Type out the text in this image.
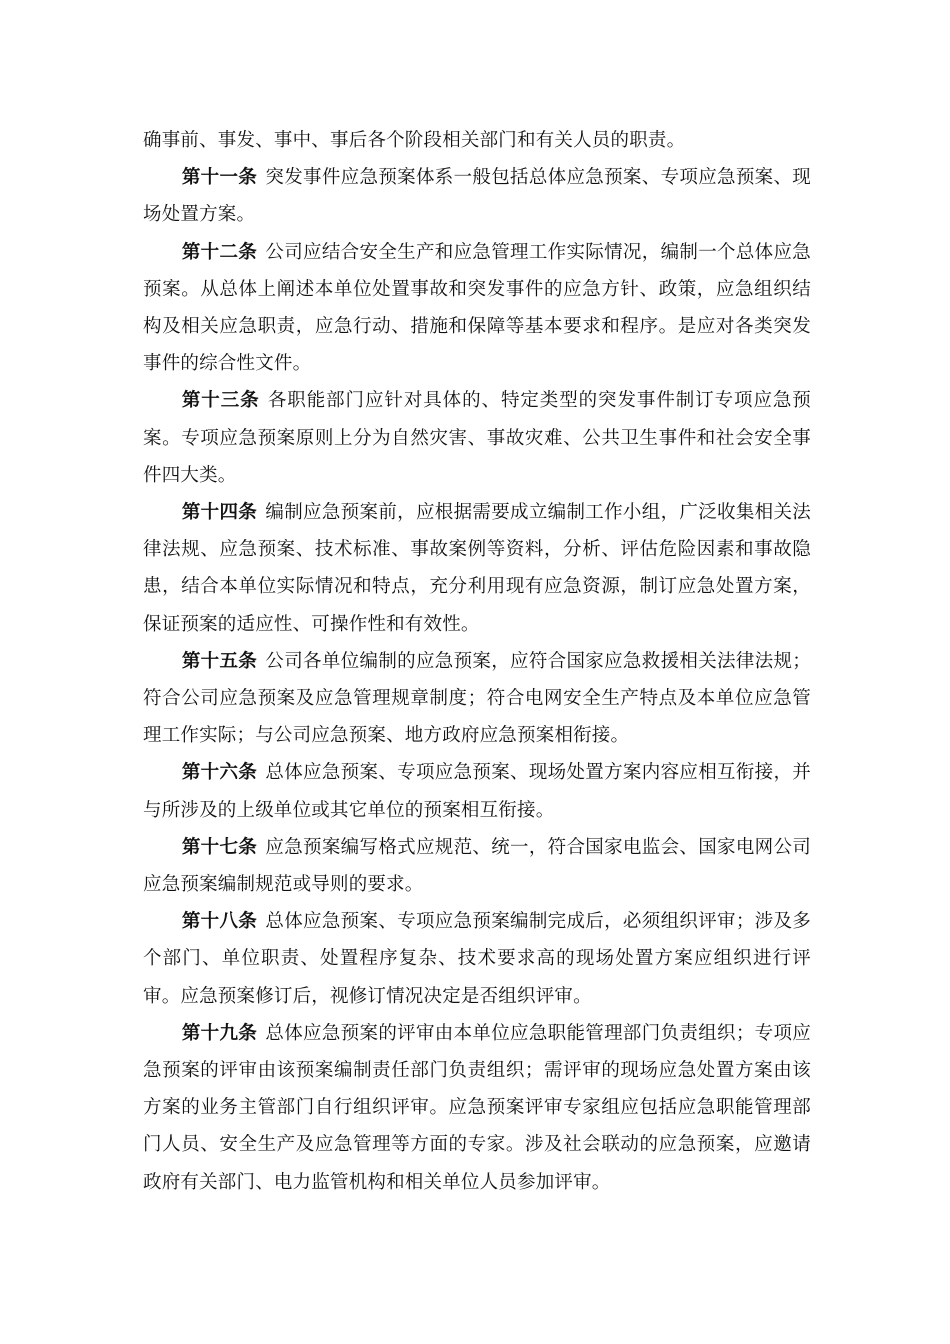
确事前、事发、事中、事后各个阶段相关部门和有关人员的职责。

第十一条 突发事件应急预案体系一般包括总体应急预案、专项应急预案、现场处置方案。

第十二条 公司应结合安全生产和应急管理工作实际情况，编制一个总体应急预案。从总体上阐述本单位处置事故和突发事件的应急方针、政策，应急组织结构及相关应急职责，应急行动、措施和保障等基本要求和程序。是应对各类突发事件的综合性文件。

第十三条 各职能部门应针对具体的、特定类型的突发事件制订专项应急预案。专项应急预案原则上分为自然灾害、事故灾难、公共卫生事件和社会安全事件四大类。

第十四条 编制应急预案前，应根据需要成立编制工作小组，广泛收集相关法律法规、应急预案、技术标准、事故案例等资料，分析、评估危险因素和事故隐患，结合本单位实际情况和特点，充分利用现有应急资源，制订应急处置方案，保证预案的适应性、可操作性和有效性。

第十五条 公司各单位编制的应急预案，应符合国家应急救援相关法律法规；符合公司应急预案及应急管理规章制度；符合电网安全生产特点及本单位应急管理工作实际；与公司应急预案、地方政府应急预案相衔接。

第十六条 总体应急预案、专项应急预案、现场处置方案内容应相互衔接，并与所涉及的上级单位或其它单位的预案相互衔接。

第十七条 应急预案编写格式应规范、统一，符合国家电监会、国家电网公司应急预案编制规范或导则的要求。

第十八条 总体应急预案、专项应急预案编制完成后，必须组织评审；涉及多个部门、单位职责、处置程序复杂、技术要求高的现场处置方案应组织进行评审。应急预案修订后，视修订情况决定是否组织评审。

第十九条 总体应急预案的评审由本单位应急职能管理部门负责组织；专项应急预案的评审由该预案编制责任部门负责组织；需评审的现场应急处置方案由该方案的业务主管部门自行组织评审。应急预案评审专家组应包括应急职能管理部门人员、安全生产及应急管理等方面的专家。涉及社会联动的应急预案，应邀请政府有关部门、电力监管机构和相关单位人员参加评审。
